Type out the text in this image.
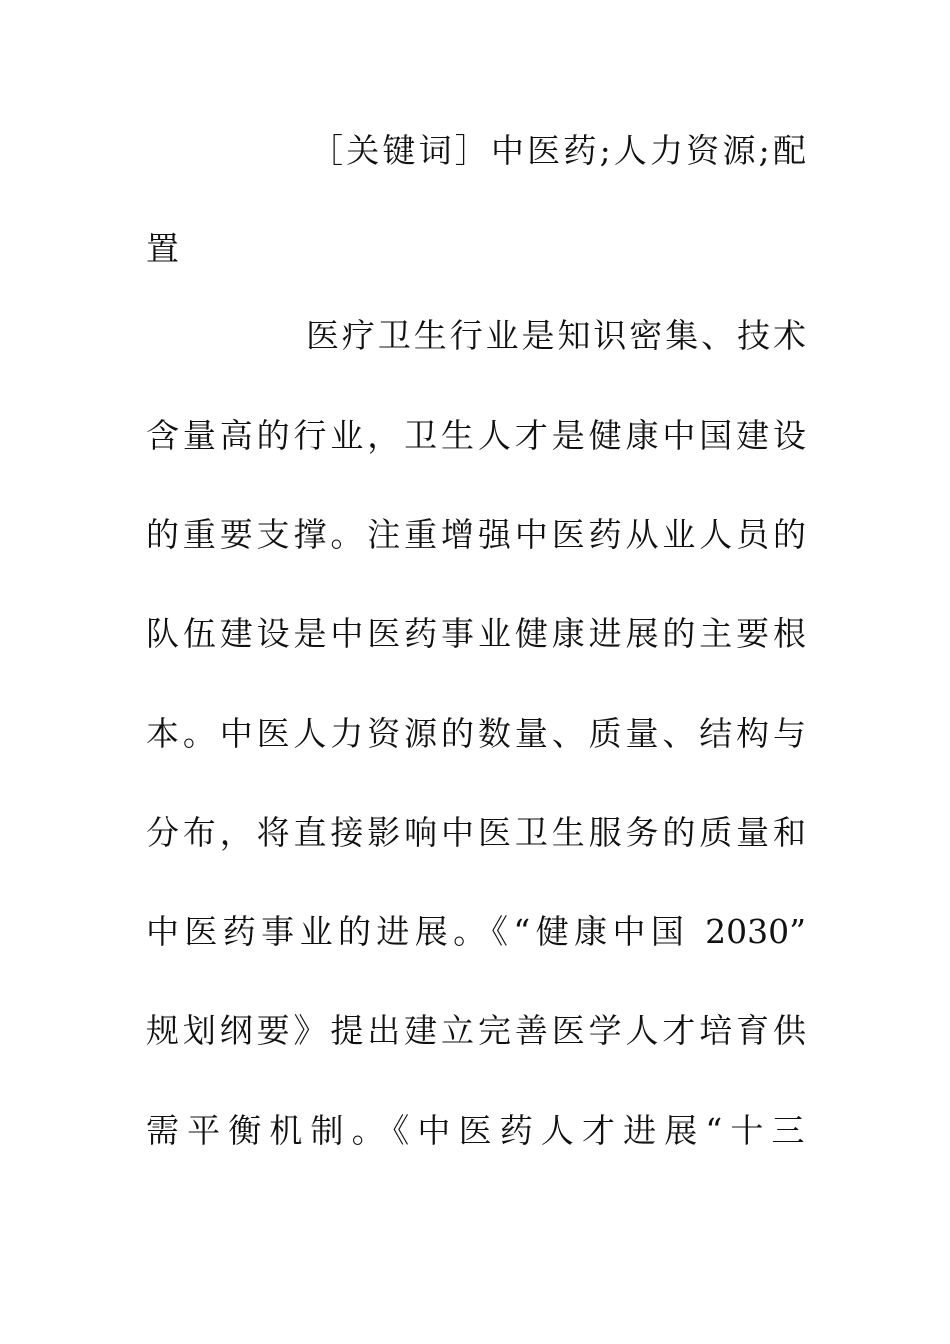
［关键词］中医药;人力资源;配
置
医疗卫生行业是知识密集、技术
含量高的行业，卫生人才是健康中国建设
的重要支撑。注重增强中医药从业人员的
队伍建设是中医药事业健康进展的主要根
本。中医人力资源的数量、质量、结构与
分布，将直接影响中医卫生服务的质量和
中医药事业的进展。《“健康中国 2030”
规划纲要》提出建立完善医学人才培育供
需平衡机制。《中医药人才进展“十三
